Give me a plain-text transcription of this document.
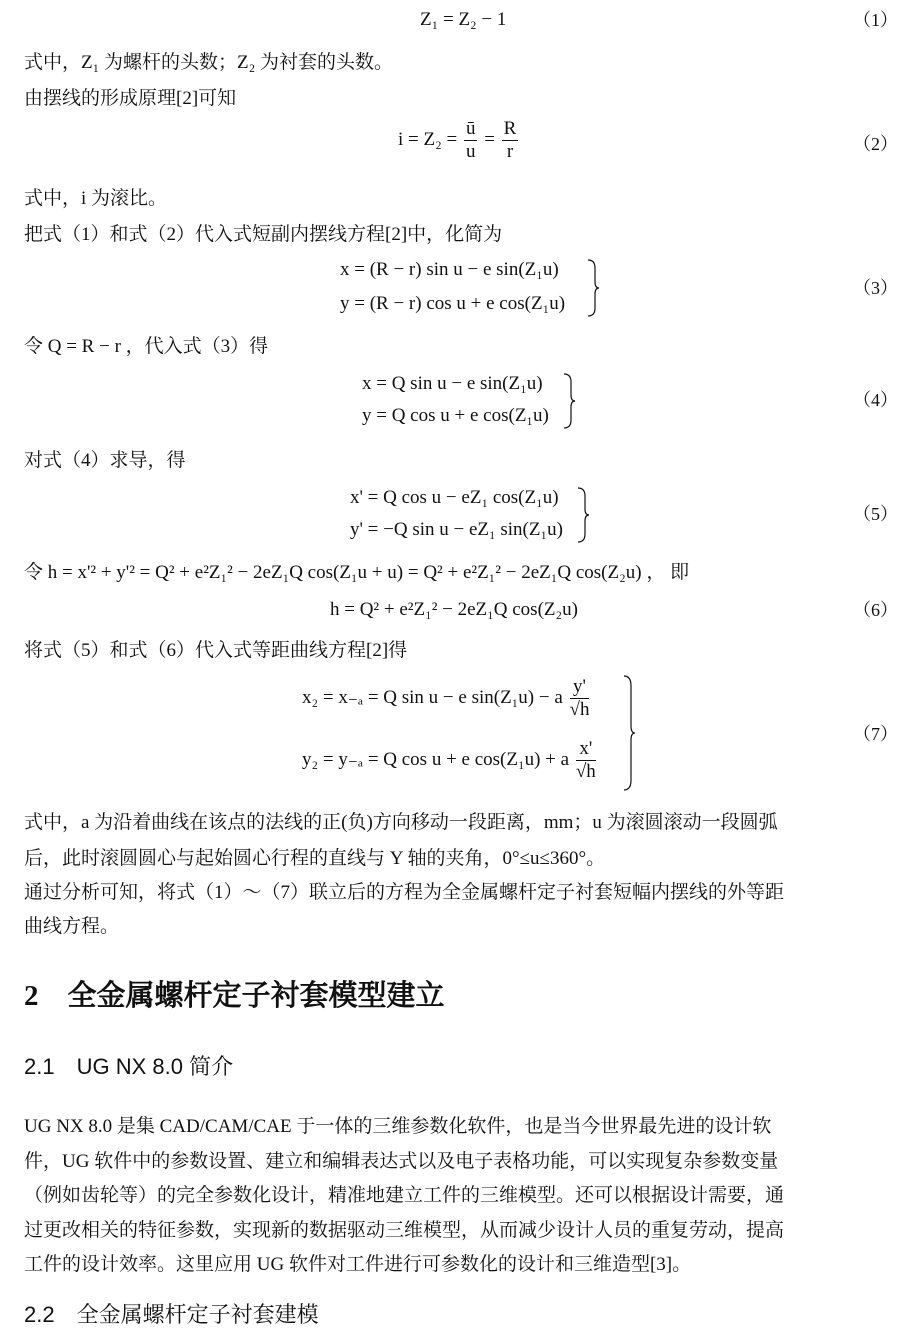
Z₁ = Z₂ − 1	（1）
式中，Z₁ 为螺杆的头数；Z₂ 为衬套的头数。
由摆线的形成原理[2]可知
$i = Z_2 = \frac{ū}{u} = \frac{R}{r}$	（2）
式中，i 为滚比。
把式（1）和式（2）代入式短副内摆线方程[2]中，化简为
x = (R − r) sin u − e sin(Z₁u)
y = (R − r) cos u + e cos(Z₁u)
（3）
令 Q = R − r ，代入式（3）得
x = Q sin u − e sin(Z₁u)
y = Q cos u + e cos(Z₁u)
（4）
对式（4）求导，得
x' = Q cos u − eZ₁ cos(Z₁u)
y' = −Q sin u − eZ₁ sin(Z₁u)
（5）
令 h = x'² + y'² = Q² + e²Z₁² − 2eZ₁Q cos(Z₁u + u) = Q² + e²Z₁² − 2eZ₁Q cos(Z₂u) ， 即
h = Q² + e²Z₁² − 2eZ₁Q cos(Z₂u)	（6）
将式（5）和式（6）代入式等距曲线方程[2]得
x₂ = x₋ₐ = Q sin u − e sin(Z₁u) − a $\frac{y'}{√h}$
y₂ = y₋ₐ = Q cos u + e cos(Z₁u) + a $\frac{x'}{√h}$
（7）
式中，a 为沿着曲线在该点的法线的正(负)方向移动一段距离，mm；u 为滚圆滚动一段圆弧
后，此时滚圆圆心与起始圆心行程的直线与 Y 轴的夹角，0°≤u≤360°。
通过分析可知，将式（1）～（7）联立后的方程为全金属螺杆定子衬套短幅内摆线的外等距
曲线方程。
2　全金属螺杆定子衬套模型建立
2.1　UG NX 8.0 简介
UG NX 8.0 是集 CAD/CAM/CAE 于一体的三维参数化软件，也是当今世界最先进的设计软
件，UG 软件中的参数设置、建立和编辑表达式以及电子表格功能，可以实现复杂参数变量
（例如齿轮等）的完全参数化设计，精准地建立工件的三维模型。还可以根据设计需要，通
过更改相关的特征参数，实现新的数据驱动三维模型，从而减少设计人员的重复劳动，提高
工件的设计效率。这里应用 UG 软件对工件进行可参数化的设计和三维造型[3]。
2.2　全金属螺杆定子衬套建模
